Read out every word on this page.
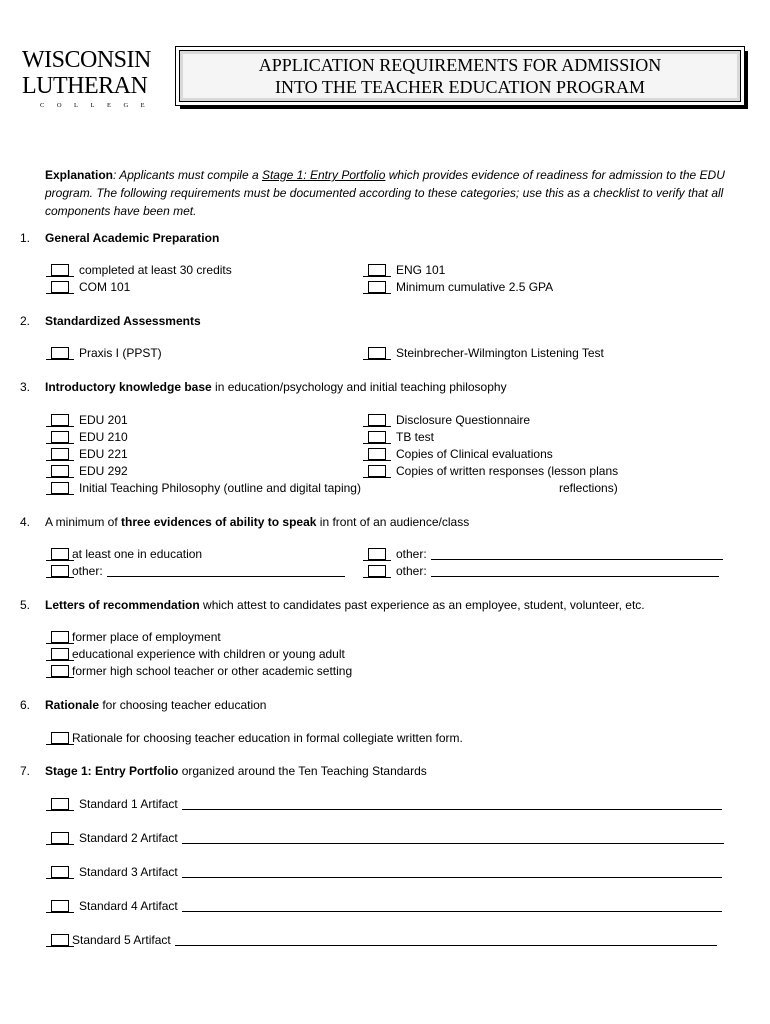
WISCONSIN
LUTHERAN
COLLEGE
APPLICATION REQUIREMENTS FOR ADMISSION
INTO THE TEACHER EDUCATION PROGRAM
Explanation: Applicants must compile a Stage 1: Entry Portfolio which provides evidence of readiness for admission to the EDU
program. The following requirements must be documented according to these categories; use this as a checklist to verify that all
components have been met.
1. General Academic Preparation
completed at least 30 credits
COM 101
ENG 101
Minimum cumulative 2.5 GPA
2. Standardized Assessments
Praxis I (PPST)	Steinbrecher-Wilmington Listening Test
3. Introductory knowledge base in education/psychology and initial teaching philosophy
EDU 201
EDU 210
EDU 221
EDU 292
Initial Teaching Philosophy (outline and digital taping)
Disclosure Questionnaire
TB test
Copies of Clinical evaluations
Copies of written responses (lesson plans
reflections)
4. A minimum of three evidences of ability to speak in front of an audience/class
at least one in education
other:
other:
other:
5. Letters of recommendation which attest to candidates past experience as an employee, student, volunteer, etc.
former place of employment
educational experience with children or young adult
former high school teacher or other academic setting
6. Rationale for choosing teacher education
Rationale for choosing teacher education in formal collegiate written form.
7. Stage 1: Entry Portfolio organized around the Ten Teaching Standards
Standard 1 Artifact
Standard 2 Artifact
Standard 3 Artifact
Standard 4 Artifact
Standard 5 Artifact
